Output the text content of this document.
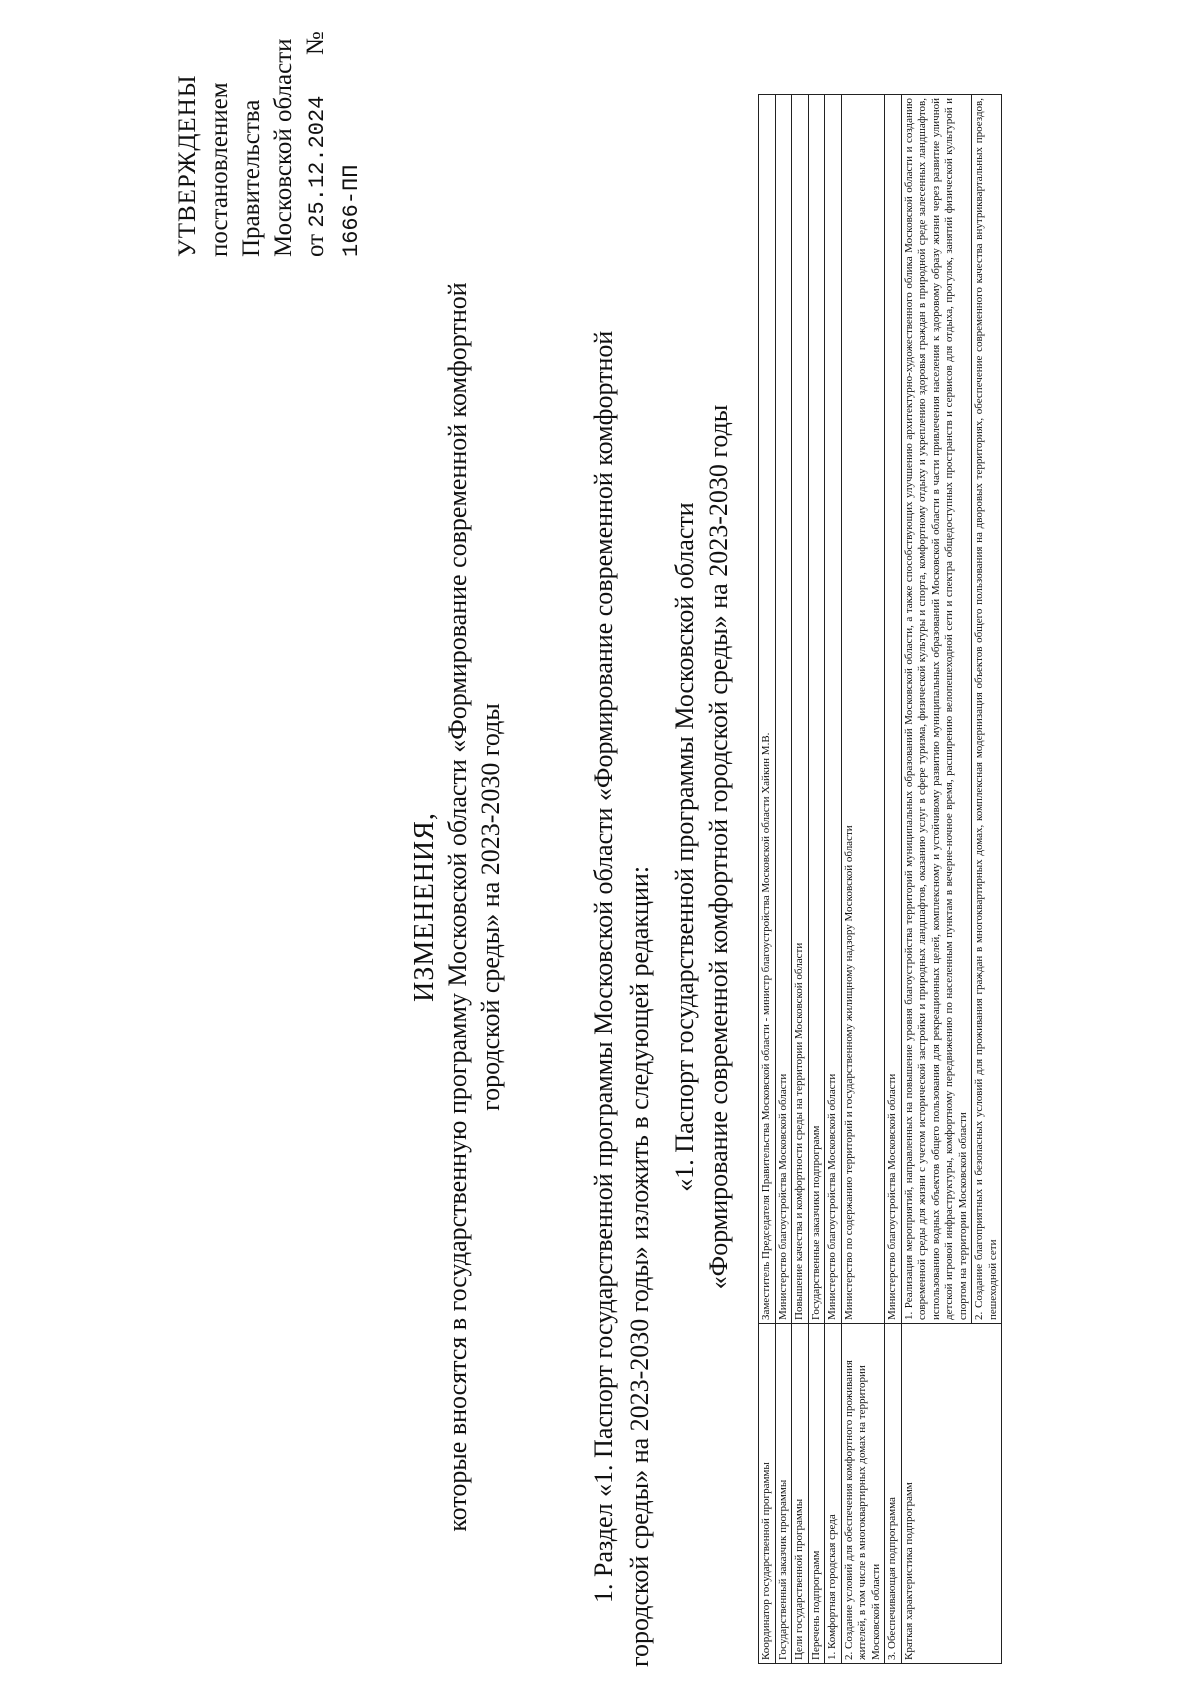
УТВЕРЖДЕНЫ постановлением Правительства Московской области от 25.12.2024  № 1666-ПП
ИЗМЕНЕНИЯ, которые вносятся в государственную программу Московской области «Формирование современной комфортной городской среды» на 2023-2030 годы	1. Раздел «1. Паспорт государственной программы Московской области «Формирование современной комфортной городской среды» на 2023-2030 годы» изложить в следующей редакции:
«1. Паспорт государственной программы Московской области «Формирование современной комфортной городской среды» на 2023-2030 годы
Координатор государственной программы	Заместитель Председателя Правительства Московской области - министр благоустройства Московской области Хайкин М.В.
Государственный заказчик программы	Министерство благоустройства Московской области
Цели государственной программы	Повышение качества и комфортности среды на территории Московской области
Перечень подпрограмм	Государственные заказчики подпрограмм
1. Комфортная городская среда	Министерство благоустройства Московской области
2. Создание условий для обеспечения комфортного проживания жителей, в том числе в многоквартирных домах на территории Московской области	Министерство по содержанию территорий и государственному жилищному надзору Московской области
3. Обеспечивающая подпрограмма	Министерство благоустройства Московской области
Краткая характеристика подпрограмм	1. Реализация мероприятий, направленных на повышение уровня благоустройства территорий муниципальных образований Московской области, а также способствующих улучшению архитектурно-художественного облика Московской области и созданию современной среды для жизни с учетом исторической застройки и природных ландшафтов, оказанию услуг в сфере туризма, физической культуры и спорта, комфортному отдыху и укреплению здоровья граждан в природной среде залесенных ландшафтов, использованию водных объектов общего пользования для рекреационных целей, комплексному и устойчивому развитию муниципальных образований Московской области в части привлечения населения к здоровому образу жизни через развитие уличной детской игровой инфраструктуры, комфортному передвижению по населенным пунктам в вечерне-ночное время, расширению велопешеходной сети и спектра общедоступных пространств и сервисов для отдыха, прогулок, занятий физической культурой и спортом на территории Московской области
	2. Создание благоприятных и безопасных условий для проживания граждан в многоквартирных домах, комплексная модернизация объектов общего пользования на дворовых территориях, обеспечение современного качества внутриквартальных проездов, пешеходной сети
